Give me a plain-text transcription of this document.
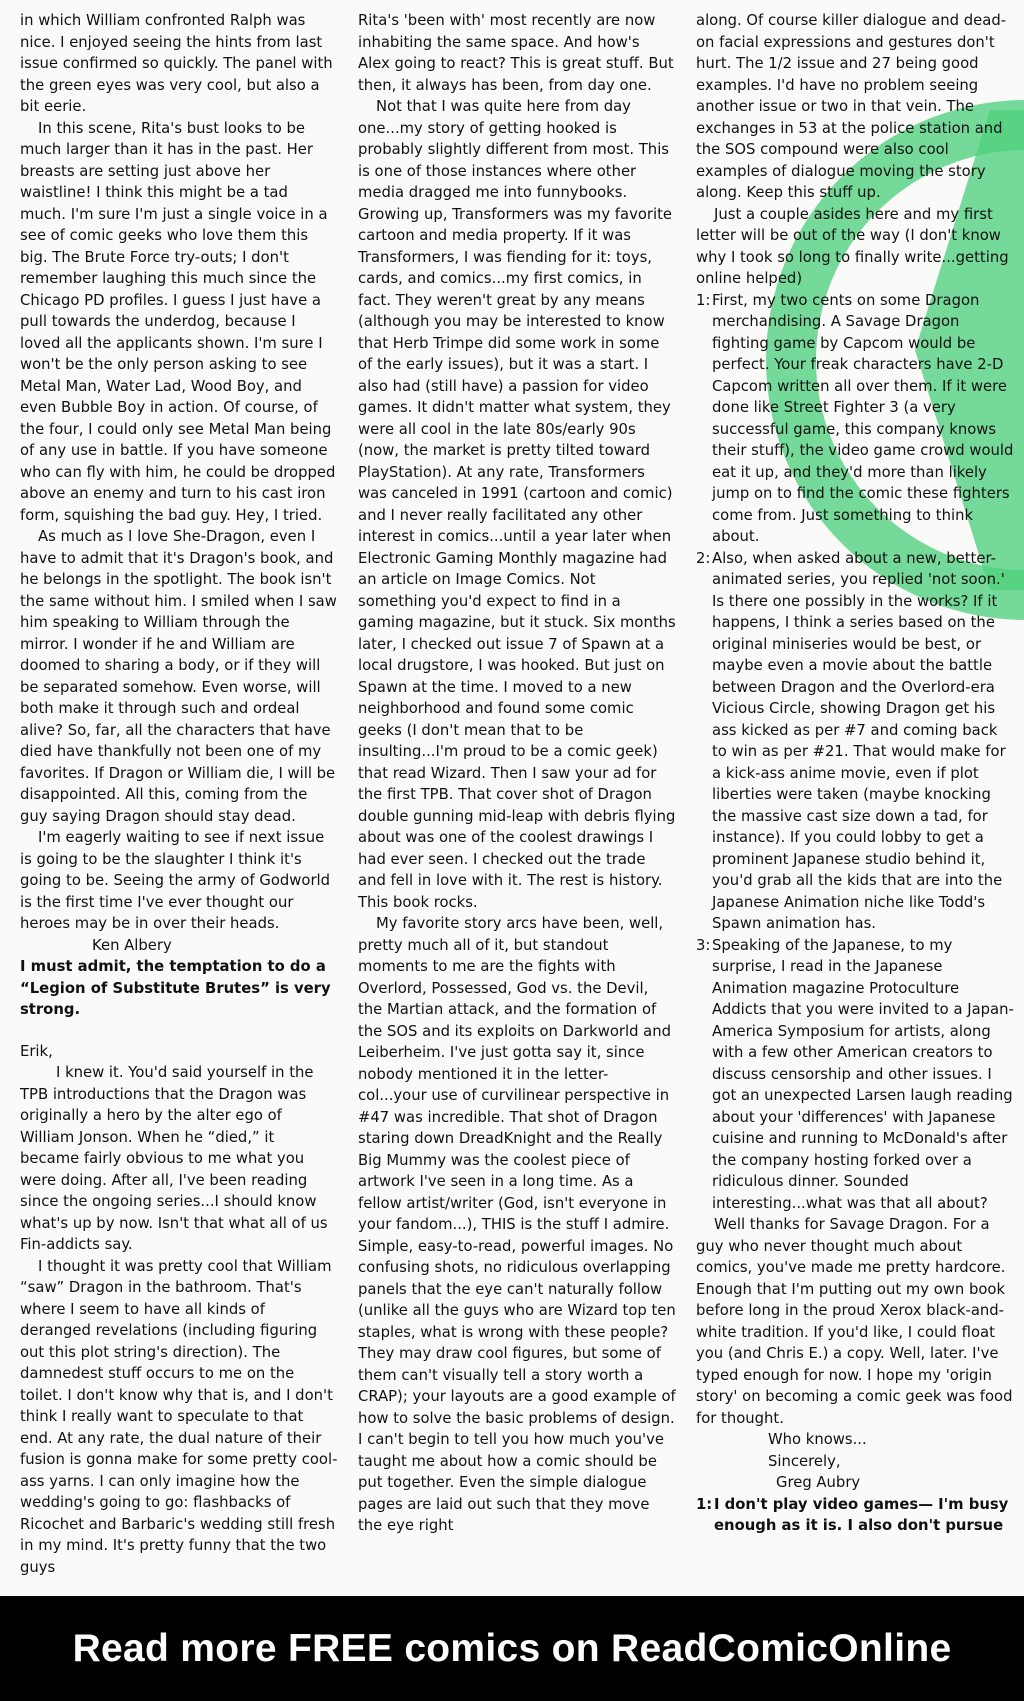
in which William confronted Ralph was nice. I enjoyed seeing the hints from last issue confirmed so quickly. The panel with the green eyes was very cool, but also a bit eerie.

In this scene, Rita's bust looks to be much larger than it has in the past. Her breasts are setting just above her waistline! I think this might be a tad much. I'm sure I'm just a single voice in a see of comic geeks who love them this big. The Brute Force try-outs; I don't remember laughing this much since the Chicago PD profiles. I guess I just have a pull towards the underdog, because I loved all the applicants shown. I'm sure I won't be the only person asking to see Metal Man, Water Lad, Wood Boy, and even Bubble Boy in action. Of course, of the four, I could only see Metal Man being of any use in battle. If you have someone who can fly with him, he could be dropped above an enemy and turn to his cast iron form, squishing the bad guy. Hey, I tried.

As much as I love She-Dragon, even I have to admit that it's Dragon's book, and he belongs in the spotlight. The book isn't the same without him. I smiled when I saw him speaking to William through the mirror. I wonder if he and William are doomed to sharing a body, or if they will be separated somehow. Even worse, will both make it through such and ordeal alive? So, far, all the characters that have died have thankfully not been one of my favorites. If Dragon or William die, I will be disappointed. All this, coming from the guy saying Dragon should stay dead.

I'm eagerly waiting to see if next issue is going to be the slaughter I think it's going to be. Seeing the army of Godworld is the first time I've ever thought our heroes may be in over their heads.

Ken Albery

I must admit, the temptation to do a “Legion of Substitute Brutes” is very strong.

Erik,

I knew it. You'd said yourself in the TPB introductions that the Dragon was originally a hero by the alter ego of William Jonson. When he “died,” it became fairly obvious to me what you were doing. After all, I've been reading since the ongoing series...I should know what's up by now. Isn't that what all of us Fin-addicts say.

I thought it was pretty cool that William “saw” Dragon in the bathroom. That's where I seem to have all kinds of deranged revelations (including figuring out this plot string's direction). The damnedest stuff occurs to me on the toilet. I don't know why that is, and I don't think I really want to speculate to that end. At any rate, the dual nature of their fusion is gonna make for some pretty cool-ass yarns. I can only imagine how the wedding's going to go: flashbacks of Ricochet and Barbaric's wedding still fresh in my mind. It's pretty funny that the two guys

Rita's 'been with' most recently are now inhabiting the same space. And how's Alex going to react? This is great stuff. But then, it always has been, from day one.

Not that I was quite here from day one...my story of getting hooked is probably slightly different from most. This is one of those instances where other media dragged me into funnybooks. Growing up, Transformers was my favorite cartoon and media property. If it was Transformers, I was fiending for it: toys, cards, and comics...my first comics, in fact. They weren't great by any means (although you may be interested to know that Herb Trimpe did some work in some of the early issues), but it was a start. I also had (still have) a passion for video games. It didn't matter what system, they were all cool in the late 80s/early 90s (now, the market is pretty tilted toward PlayStation). At any rate, Transformers was canceled in 1991 (cartoon and comic) and I never really facilitated any other interest in comics...until a year later when Electronic Gaming Monthly magazine had an article on Image Comics. Not something you'd expect to find in a gaming magazine, but it stuck. Six months later, I checked out issue 7 of Spawn at a local drugstore, I was hooked. But just on Spawn at the time. I moved to a new neighborhood and found some comic geeks (I don't mean that to be insulting...I'm proud to be a comic geek) that read Wizard. Then I saw your ad for the first TPB. That cover shot of Dragon double gunning mid-leap with debris flying about was one of the coolest drawings I had ever seen. I checked out the trade and fell in love with it. The rest is history. This book rocks.

My favorite story arcs have been, well, pretty much all of it, but standout moments to me are the fights with Overlord, Possessed, God vs. the Devil, the Martian attack, and the formation of the SOS and its exploits on Darkworld and Leiberheim. I've just gotta say it, since nobody mentioned it in the letter-col...your use of curvilinear perspective in #47 was incredible. That shot of Dragon staring down DreadKnight and the Really Big Mummy was the coolest piece of artwork I've seen in a long time. As a fellow artist/writer (God, isn't everyone in your fandom...), THIS is the stuff I admire. Simple, easy-to-read, powerful images. No confusing shots, no ridiculous overlapping panels that the eye can't naturally follow (unlike all the guys who are Wizard top ten staples, what is wrong with these people? They may draw cool figures, but some of them can't visually tell a story worth a CRAP); your layouts are a good example of how to solve the basic problems of design. I can't begin to tell you how much you've taught me about how a comic should be put together. Even the simple dialogue pages are laid out such that they move the eye right

along. Of course killer dialogue and dead-on facial expressions and gestures don't hurt. The 1/2 issue and 27 being good examples. I'd have no problem seeing another issue or two in that vein. The exchanges in 53 at the police station and the SOS compound were also cool examples of dialogue moving the story along. Keep this stuff up.

Just a couple asides here and my first letter will be out of the way (I don't know why I took so long to finally write...getting online helped)

1: First, my two cents on some Dragon merchandising. A Savage Dragon fighting game by Capcom would be perfect. Your freak characters have 2-D Capcom written all over them. If it were done like Street Fighter 3 (a very successful game, this company knows their stuff), the video game crowd would eat it up, and they'd more than likely jump on to find the comic these fighters come from. Just something to think about.
2: Also, when asked about a new, better-animated series, you replied 'not soon.' Is there one possibly in the works? If it happens, I think a series based on the original miniseries would be best, or maybe even a movie about the battle between Dragon and the Overlord-era Vicious Circle, showing Dragon get his ass kicked as per #7 and coming back to win as per #21. That would make for a kick-ass anime movie, even if plot liberties were taken (maybe knocking the massive cast size down a tad, for instance). If you could lobby to get a prominent Japanese studio behind it, you'd grab all the kids that are into the Japanese Animation niche like Todd's Spawn animation has.
3: Speaking of the Japanese, to my surprise, I read in the Japanese Animation magazine Protoculture Addicts that you were invited to a Japan- America Symposium for artists, along with a few other American creators to discuss censorship and other issues. I got an unexpected Larsen laugh reading about your 'differences' with Japanese cuisine and running to McDonald's after the company hosting forked over a ridiculous dinner. Sounded interesting...what was that all about?

Well thanks for Savage Dragon. For a guy who never thought much about comics, you've made me pretty hardcore. Enough that I'm putting out my own book before long in the proud Xerox black-and-white tradition. If you'd like, I could float you (and Chris E.) a copy. Well, later. I've typed enough for now. I hope my 'origin story' on becoming a comic geek was food for thought.

Who knows...

Sincerely,

Greg Aubry

1: I don't play video games— I'm busy enough as it is. I also don't pursue
Read more FREE comics on ReadComicOnline
